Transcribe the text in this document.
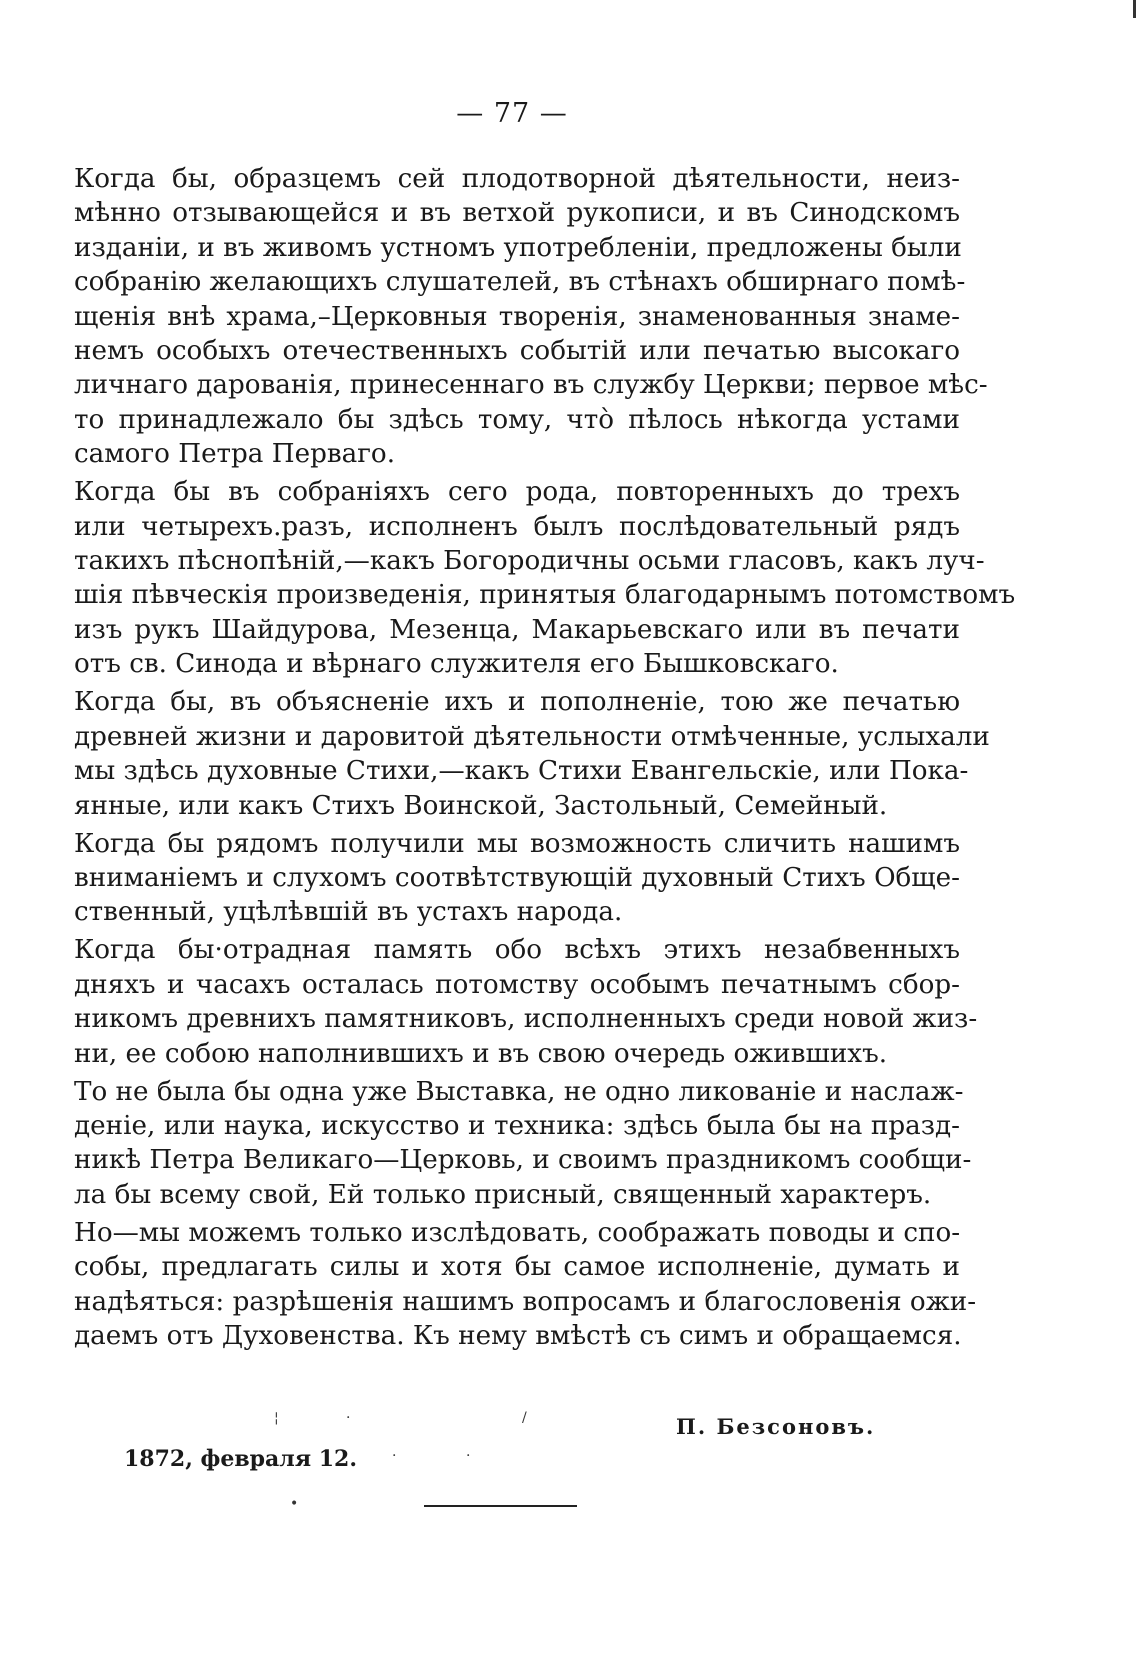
— 77 —
Когда бы, образцемъ сей плодотворной дѣятельности, неиз-
мѣнно отзывающейся и въ ветхой рукописи, и въ Синодскомъ
изданіи, и въ живомъ устномъ употребленіи, предложены были
собранію желающихъ слушателей, въ стѣнахъ обширнаго помѣ-
щенія внѣ храма,–Церковныя творенія, знаменованныя знаме-
немъ особыхъ отечественныхъ событій или печатью высокаго
личнаго дарованія, принесеннаго въ службу Церкви; первое мѣс-
то принадлежало бы здѣсь тому, что̀ пѣлось нѣкогда устами
самого Петра Перваго.
Когда бы въ собраніяхъ сего рода, повторенныхъ до трехъ
или четырехъ.разъ, исполненъ былъ послѣдовательный рядъ
такихъ пѣснопѣній,—какъ Богородичны осьми гласовъ, какъ луч-
шія пѣвческія произведенія, принятыя благодарнымъ потомствомъ
изъ рукъ Шайдурова, Мезенца, Макарьевскаго или въ печати
отъ св. Синода и вѣрнаго служителя его Бышковскаго.
Когда бы, въ объясненіе ихъ и пополненіе, тою же печатью
древней жизни и даровитой дѣятельности отмѣченные, услыхали
мы здѣсь духовные Стихи,—какъ Стихи Евангельскіе, или Пока-
янные, или какъ Стихъ Воинской, Застольный, Семейный.
Когда бы рядомъ получили мы возможность сличить нашимъ
вниманіемъ и слухомъ соотвѣтствующій духовный Стихъ Обще-
ственный, уцѣлѣвшій въ устахъ народа.
Когда бы·отрадная память обо всѣхъ этихъ незабвенныхъ
дняхъ и часахъ осталась потомству особымъ печатнымъ сбор-
никомъ древнихъ памятниковъ, исполненныхъ среди новой жиз-
ни, ее собою наполнившихъ и въ свою очередь ожившихъ.
То не была бы одна уже Выставка, не одно ликованіе и наслаж-
деніе, или наука, искусство и техника: здѣсь была бы на празд-
никѣ Петра Великаго—Церковь, и своимъ праздникомъ сообщи-
ла бы всему свой, Ей только присный, священный характеръ.
Но—мы можемъ только изслѣдовать, соображать поводы и спо-
собы, предлагать силы и хотя бы самое исполненіе, думать и
надѣяться: разрѣшенія нашимъ вопросамъ и благословенія ожи-
даемъ отъ Духовенства. Къ нему вмѣстѣ съ симъ и обращаемся.
П. Безсоновъ.
1872, февраля 12.
¦	·	/
·	·
•
